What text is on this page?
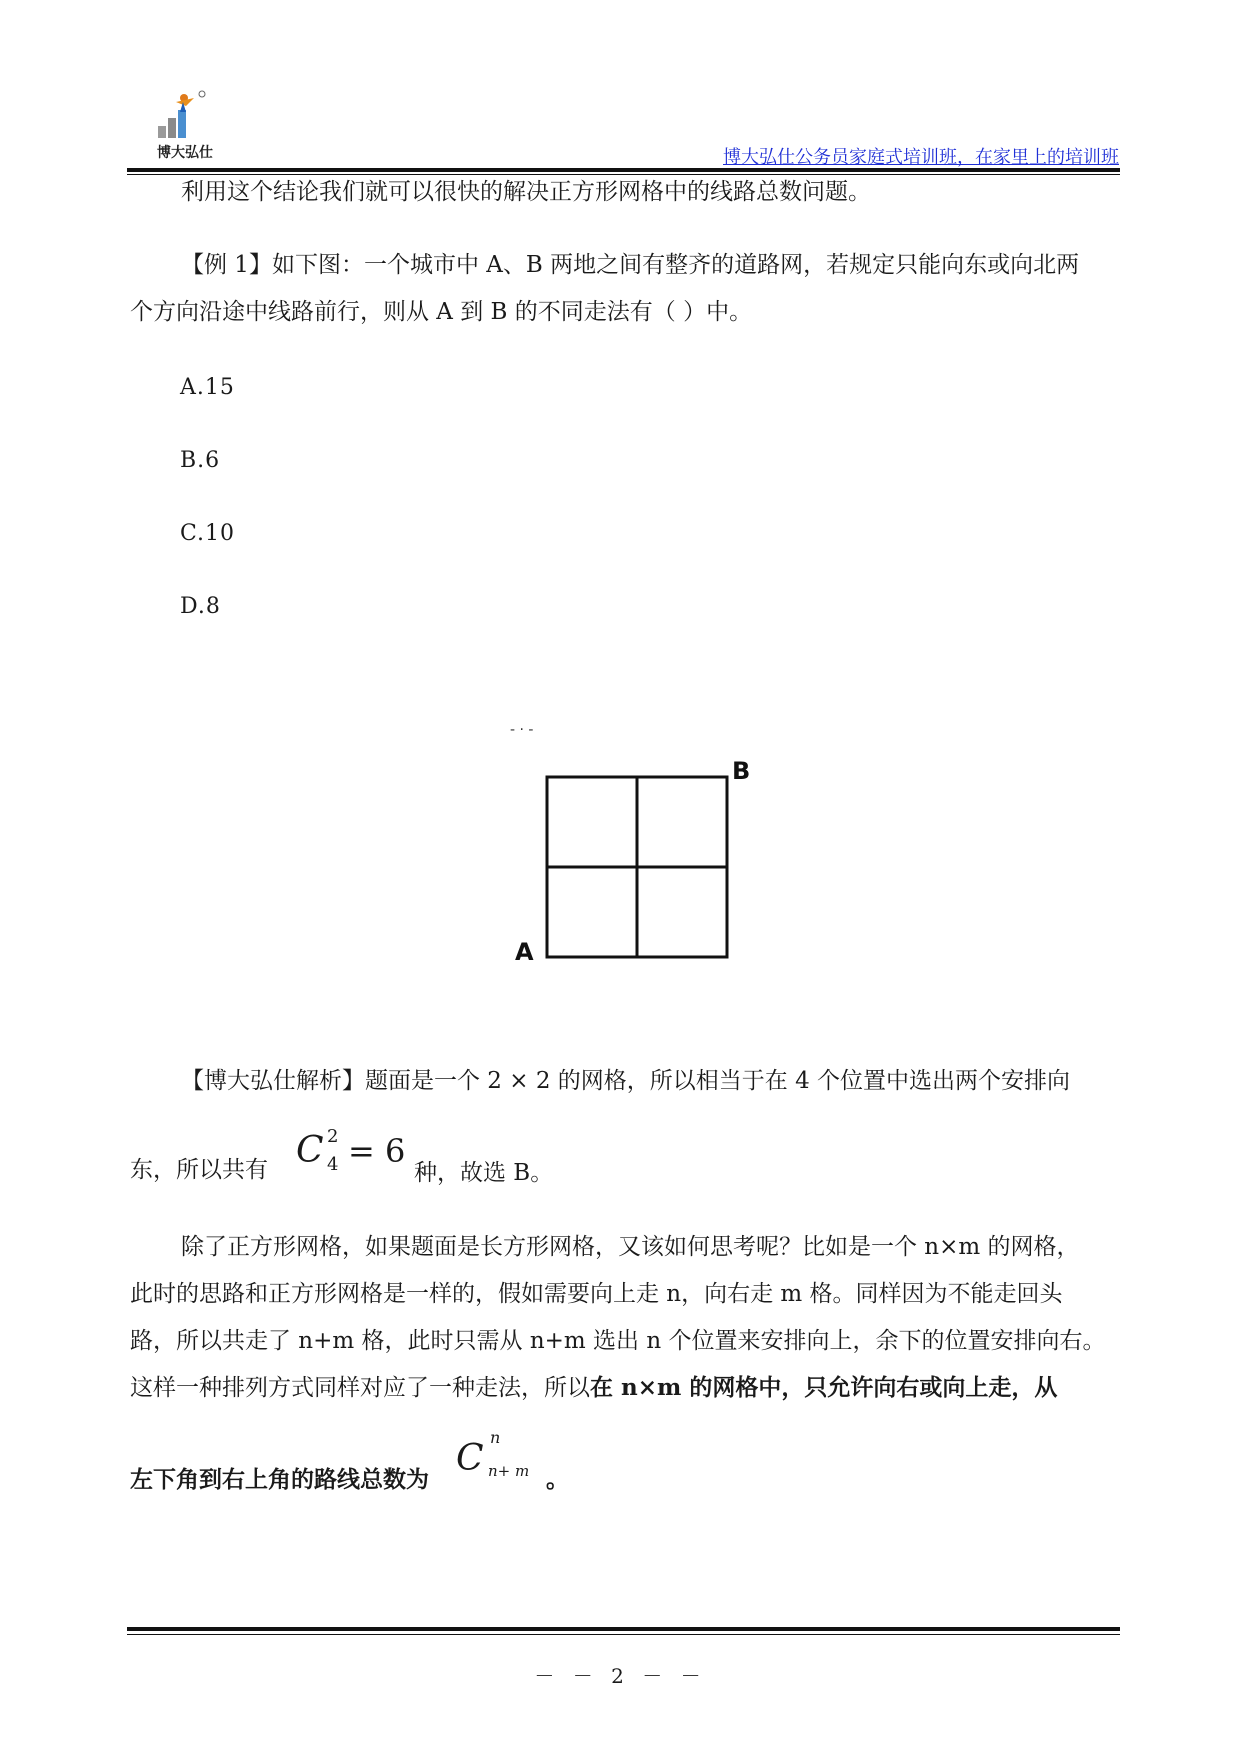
博大弘仕	博大弘仕公务员家庭式培训班，在家里上的培训班
利用这个结论我们就可以很快的解决正方形网格中的线路总数问题。
【例 1】如下图：一个城市中 A、B 两地之间有整齐的道路网，若规定只能向东或向北两
个方向沿途中线路前行，则从 A 到 B 的不同走法有（ ）中。
A.15
B.6
C.10
D.8
- · -
B
A
【博大弘仕解析】题面是一个 2 × 2 的网格，所以相当于在 4 个位置中选出两个安排向
东，所以共有 C 2
4 = 6
种，故选 B。
除了正方形网格，如果题面是长方形网格，又该如何思考呢？比如是一个 n×m 的网格，
此时的思路和正方形网格是一样的，假如需要向上走 n，向右走 m 格。同样因为不能走回头
路，所以共走了 n+m 格，此时只需从 n+m 选出 n 个位置来安排向上，余下的位置安排向右。
这样一种排列方式同样对应了一种走法，所以在 n×m 的网格中，只允许向右或向上走，从
左下角到右上角的路线总数为
C
n
n+ m 。
－ － 2 － －
